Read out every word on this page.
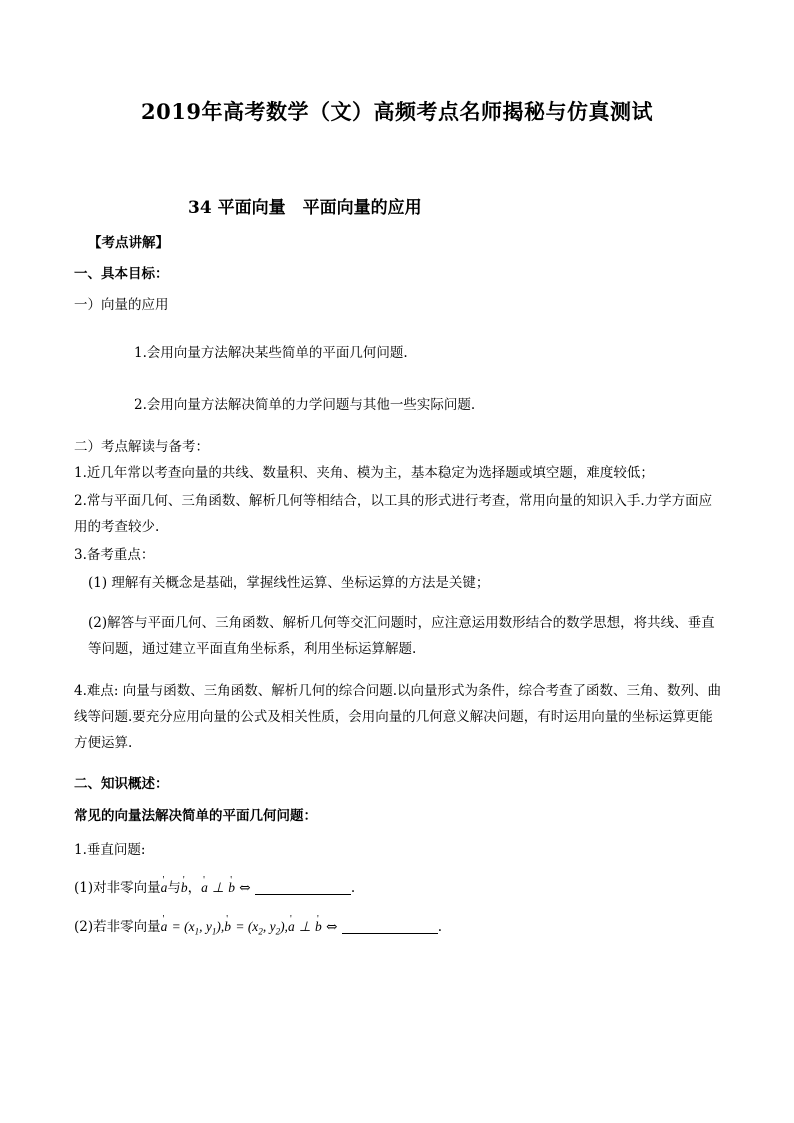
2019年高考数学（文）高频考点名师揭秘与仿真测试
34 平面向量　平面向量的应用
【考点讲解】
一、具本目标：
一）向量的应用
1.会用向量方法解决某些简单的平面几何问题.
2.会用向量方法解决简单的力学问题与其他一些实际问题.
二）考点解读与备考：
1.近几年常以考查向量的共线、数量积、夹角、模为主，基本稳定为选择题或填空题，难度较低；
2.常与平面几何、三角函数、解析几何等相结合，以工具的形式进行考查，常用向量的知识入手.力学方面应用的考查较少.
3.备考重点：
(1) 理解有关概念是基础，掌握线性运算、坐标运算的方法是关键；
(2)解答与平面几何、三角函数、解析几何等交汇问题时，应注意运用数形结合的数学思想，将共线、垂直等问题，通过建立平面直角坐标系，利用坐标运算解题.
4.难点: 向量与函数、三角函数、解析几何的综合问题.以向量形式为条件，综合考查了函数、三角、数列、曲线等问题.要充分应用向量的公式及相关性质，会用向量的几何意义解决问题，有时运用向量的坐标运算更能方便运算.
二、知识概述：
常见的向量法解决简单的平面几何问题：
1.垂直问题:
(1)对非零向量' a与' b，' a ⊥ ' b ⇔	.
(2)若非零向量' $a = (x_1$, $y_1),'$ $b = (x_2$, $y_2),'$ a ⊥ ' b ⇔	.
